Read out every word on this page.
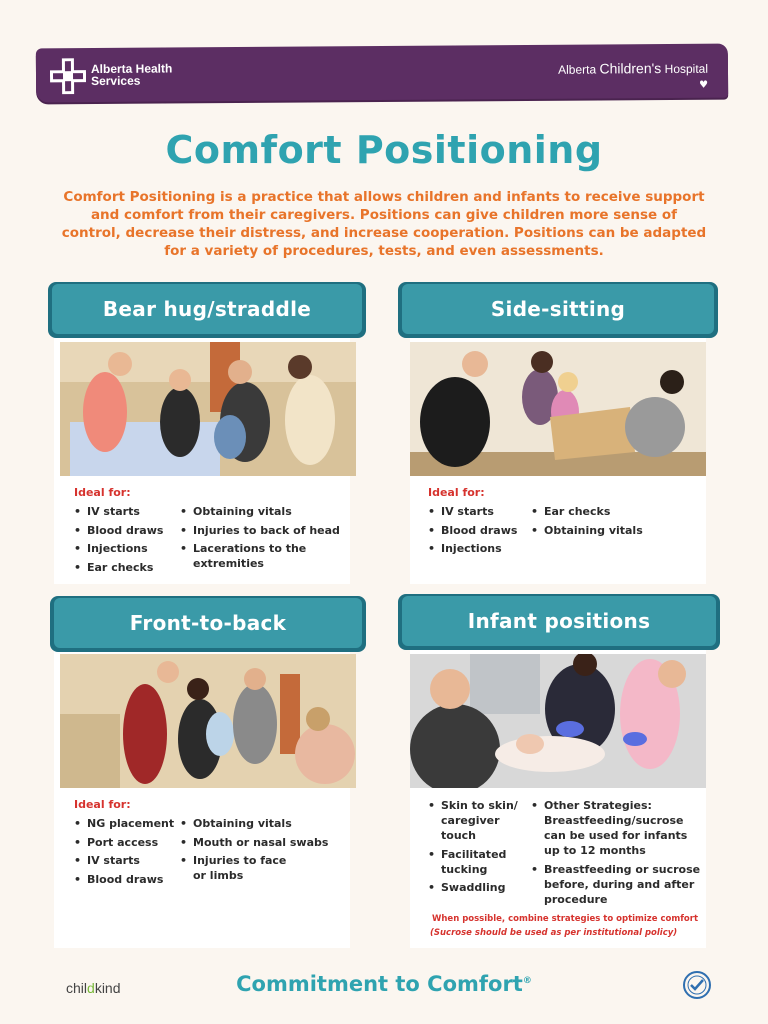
Alberta Health Services
Alberta Children's Hospital
♥
Comfort Positioning

Comfort Positioning is a practice that allows children and infants to receive support and comfort from their caregivers. Positions can give children more sense of control, decrease their distress, and increase cooperation. Positions can be adapted for a variety of procedures, tests, and even assessments.

Bear hug/straddle
Ideal for:
• IV starts
• Blood draws
• Injections
• Ear checks
• Obtaining vitals
• Injuries to back of head
• Lacerations to the extremities
Side-sitting
Ideal for:
• IV starts
• Blood draws
• Injections
• Ear checks
• Obtaining vitals
Front-to-back
Ideal for:
• NG placement
• Port access
• IV starts
• Blood draws
• Obtaining vitals
• Mouth or nasal swabs
• Injuries to face or limbs
Infant positions
• Skin to skin/ caregiver touch
• Facilitated tucking
• Swaddling
• Other Strategies: Breastfeeding/sucrose can be used for infants up to 12 months
• Breastfeeding or sucrose before, during and after procedure
When possible, combine strategies to optimize comfort
(Sucrose should be used as per institutional policy)
childkind	Commitment to Comfort®
